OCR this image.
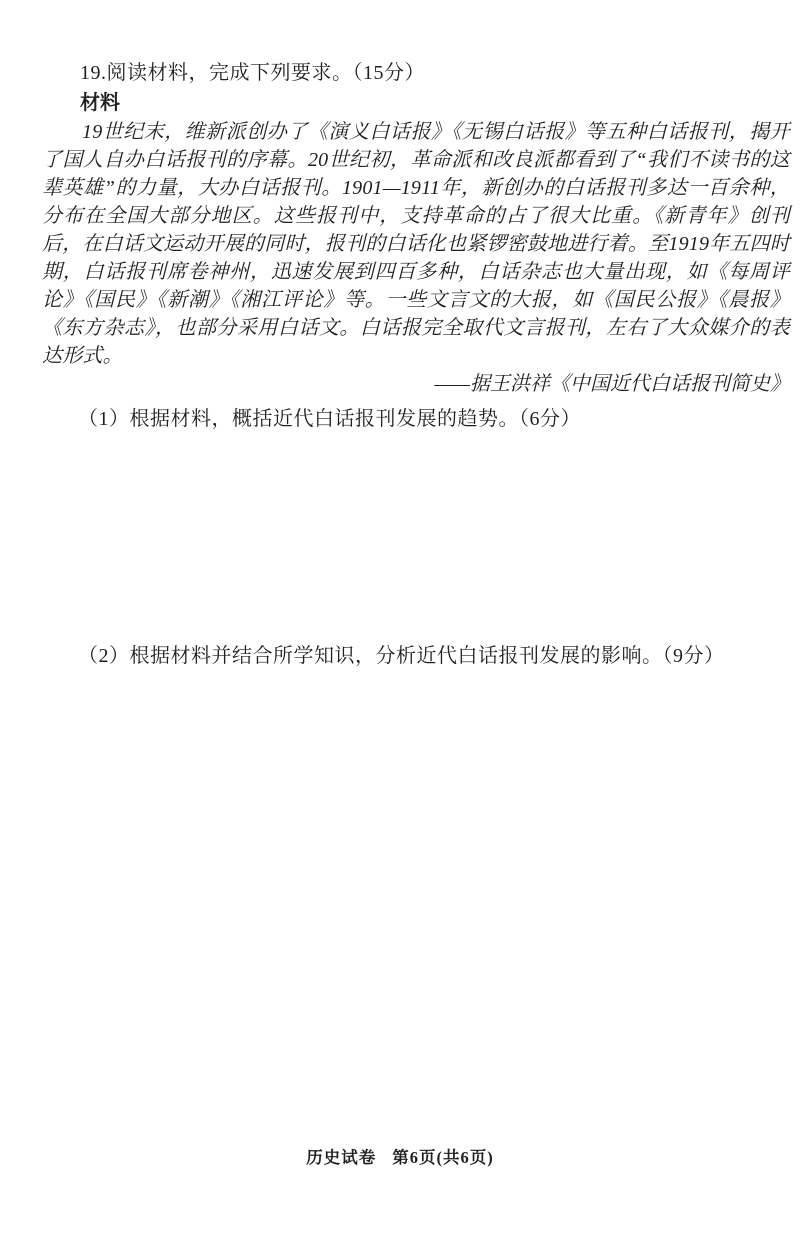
19.阅读材料，完成下列要求。（15分）
材料

19世纪末，维新派创办了《演义白话报》《无锡白话报》等五种白话报刊，揭开了国人自办白话报刊的序幕。20世纪初，革命派和改良派都看到了“我们不读书的这辈英雄”的力量，大办白话报刊。1901—1911年，新创办的白话报刊多达一百余种，分布在全国大部分地区。这些报刊中，支持革命的占了很大比重。《新青年》创刊后，在白话文运动开展的同时，报刊的白话化也紧锣密鼓地进行着。至1919年五四时期，白话报刊席卷神州，迅速发展到四百多种，白话杂志也大量出现，如《每周评论》《国民》《新潮》《湘江评论》等。一些文言文的大报，如《国民公报》《晨报》《东方杂志》，也部分采用白话文。白话报完全取代文言报刊，左右了大众媒介的表达形式。

——据王洪祥《中国近代白话报刊简史》
（1）根据材料，概括近代白话报刊发展的趋势。（6分）
（2）根据材料并结合所学知识，分析近代白话报刊发展的影响。（9分）
历史试卷 第6页(共6页)
